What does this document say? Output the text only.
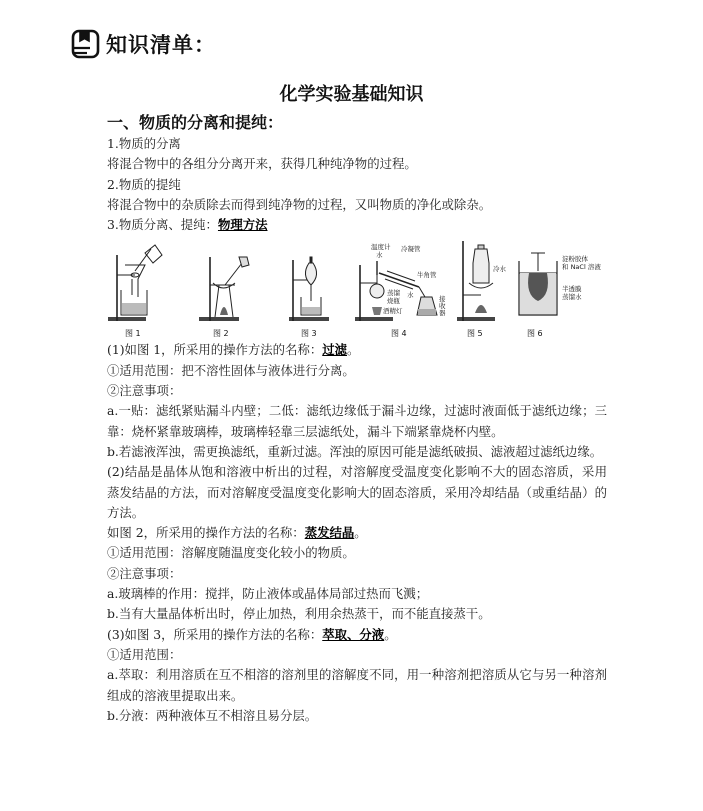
知识清单：
化学实验基础知识
一、物质的分离和提纯：

1.物质的分离

将混合物中的各组分分离开来，获得几种纯净物的过程。

2.物质的提纯

将混合物中的杂质除去而得到纯净物的过程，又叫物质的净化或除杂。

3.物质分离、提纯：物理方法

图 1	图 2	图 3
温度计
水
冷凝管
牛角管
蒸馏
烧瓶
酒精灯
水	接
收
器
图 4
冷水
图 5
淀粉胶体
和 NaCl 溶液
半透膜
蒸馏水
图 6

(1)如图 1，所采用的操作方法的名称：过滤。

①适用范围：把不溶性固体与液体进行分离。

②注意事项：

a.一贴：滤纸紧贴漏斗内壁；二低：滤纸边缘低于漏斗边缘，过滤时液面低于滤纸边缘；三靠：烧杯紧靠玻璃棒，玻璃棒轻靠三层滤纸处，漏斗下端紧靠烧杯内壁。

b.若滤液浑浊，需更换滤纸，重新过滤。浑浊的原因可能是滤纸破损、滤液超过滤纸边缘。

(2)结晶是晶体从饱和溶液中析出的过程，对溶解度受温度变化影响不大的固态溶质，采用蒸发结晶的方法，而对溶解度受温度变化影响大的固态溶质，采用冷却结晶（或重结晶）的方法。

如图 2，所采用的操作方法的名称：蒸发结晶。

①适用范围：溶解度随温度变化较小的物质。

②注意事项：

a.玻璃棒的作用：搅拌，防止液体或晶体局部过热而飞溅；

b.当有大量晶体析出时，停止加热，利用余热蒸干，而不能直接蒸干。

(3)如图 3，所采用的操作方法的名称：萃取、分液。

①适用范围：

a.萃取：利用溶质在互不相溶的溶剂里的溶解度不同，用一种溶剂把溶质从它与另一种溶剂组成的溶液里提取出来。

b.分液：两种液体互不相溶且易分层。
